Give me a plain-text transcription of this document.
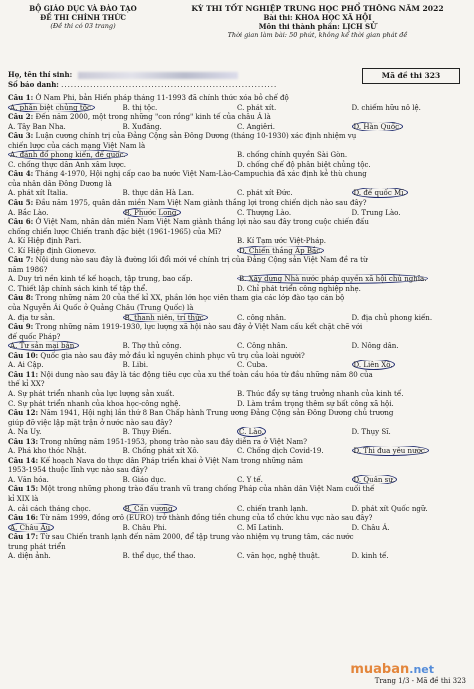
BỘ GIÁO DỤC VÀ ĐÀO TẠO
ĐỀ THI CHÍNH THỨC
(Đề thi có 03 trang)
KỲ THI TỐT NGHIỆP TRUNG HỌC PHỔ THÔNG NĂM 2022
Bài thi: KHOA HỌC XÃ HỘI
Môn thi thành phần: LỊCH SỬ
Thời gian làm bài: 50 phút, không kể thời gian phát đề
Họ, tên thí sinh:
Số báo danh: ...................................................................
Mã đề thi 323
Câu 1: Ở Nam Phi, bản Hiến pháp tháng 11-1993 đã chính thức xóa bỏ chế độ
A. phân biệt chủng tộc.	B. thị tộc.	C. phát xít.	D. chiếm hữu nô lệ.
Câu 2: Đến năm 2000, một trong những "con rồng" kinh tế của châu Á là
A. Tây Ban Nha.	B. Xuđăng.	C. Angiêri.	D. Hàn Quốc.
Câu 3: Luận cương chính trị của Đảng Cộng sản Đông Dương (tháng 10-1930) xác định nhiệm vụ
chiến lược của cách mạng Việt Nam là
A. đánh đổ phong kiến, đế quốc.	B. chống chính quyền Sài Gòn.
C. chống thực dân Anh xâm lược.	D. chống chế độ phân biệt chủng tộc.
Câu 4: Tháng 4-1970, Hội nghị cấp cao ba nước Việt Nam-Lào-Campuchia đã xác định kẻ thù chung
của nhân dân Đông Dương là
A. phát xít Italia.	B. thực dân Hà Lan.	C. phát xít Đức.	D. đế quốc Mĩ.
Câu 5: Đầu năm 1975, quân dân miền Nam Việt Nam giành thắng lợi trong chiến dịch nào sau đây?
A. Bắc Lào.	B. Phước Long.	C. Thượng Lào.	D. Trung Lào.
Câu 6: Ở Việt Nam, nhân dân miền Nam Việt Nam giành thắng lợi nào sau đây trong cuộc chiến đấu
chống chiến lược Chiến tranh đặc biệt (1961-1965) của Mĩ?
A. Kí Hiệp định Pari.	B. Kí Tạm ước Việt-Pháp.
C. Kí Hiệp định Giơnevơ.	D. Chiến thắng Ấp Bắc.
Câu 7: Nội dung nào sau đây là đường lối đổi mới về chính trị của Đảng Cộng sản Việt Nam đề ra từ
năm 1986?
A. Duy trì nền kinh tế kế hoạch, tập trung, bao cấp.	B. Xây dựng Nhà nước pháp quyền xã hội chủ nghĩa.
C. Thiết lập chính sách kinh tế tập thể.	D. Chỉ phát triển công nghiệp nhẹ.
Câu 8: Trong những năm 20 của thế kỉ XX, phần lớn học viên tham gia các lớp đào tạo cán bộ
của Nguyễn Ái Quốc ở Quảng Châu (Trung Quốc) là
A. địa tư sản.	B. thanh niên, trí thức.	C. công nhân.	D. địa chủ phong kiến.
Câu 9: Trong những năm 1919-1930, lực lượng xã hội nào sau đây ở Việt Nam cấu kết chặt chẽ với
đế quốc Pháp?
A. Tư sản mại bản.	B. Thợ thủ công.	C. Công nhân.	D. Nông dân.
Câu 10: Quốc gia nào sau đây mở đầu kỉ nguyên chinh phục vũ trụ của loài người?
A. Ai Cập.	B. Libi.	C. Cuba.	D. Liên Xô.
Câu 11: Nội dung nào sau đây là tác động tiêu cực của xu thế toàn cầu hóa từ đầu những năm 80 của
thế kỉ XX?
A. Sự phát triển nhanh của lực lượng sản xuất.	B. Thúc đẩy sự tăng trưởng nhanh của kinh tế.
C. Sự phát triển nhanh của khoa học-công nghệ.	D. Làm trầm trọng thêm sự bất công xã hội.
Câu 12: Năm 1941, Hội nghị lần thứ 8 Ban Chấp hành Trung ương Đảng Cộng sản Đông Dương chủ trương
giúp đỡ việc lập mặt trận ở nước nào sau đây?
A. Na Uy.	B. Thụy Điển.	C. Lào.	D. Thụy Sĩ.
Câu 13: Trong những năm 1951-1953, phong trào nào sau đây diễn ra ở Việt Nam?
A. Phá kho thóc Nhật.	B. Chống phát xít Xô.	C. Chống dịch Covid-19.	D. Thi đua yêu nước.
Câu 14: Kế hoạch Nava do thực dân Pháp triển khai ở Việt Nam trong những năm
1953-1954 thuộc lĩnh vực nào sau đây?
A. Văn hóa.	B. Giáo dục.	C. Y tế.	D. Quân sự.
Câu 15: Một trong những phong trào đấu tranh vũ trang chống Pháp của nhân dân Việt Nam cuối thế
kỉ XIX là
A. cải cách tháng chọc.	B. Cần vương.	C. chiến tranh lạnh.	D. phát xít Quốc ngữ.
Câu 16: Từ năm 1999, đồng ơrô (EURO) trở thành đồng tiền chung của tổ chức khu vực nào sau đây?
A. Châu Âu.	B. Châu Phi.	C. Mĩ Latinh.	D. Châu Á.
Câu 17: Từ sau Chiến tranh lạnh đến năm 2000, để tập trung vào nhiệm vụ trung tâm, các nước
trung phát triển
A. diện ảnh.	B. thể dục, thể thao.	C. văn học, nghệ thuật.	D. kinh tế.
muaban.net
Trang 1/3 - Mã đề thi 323
